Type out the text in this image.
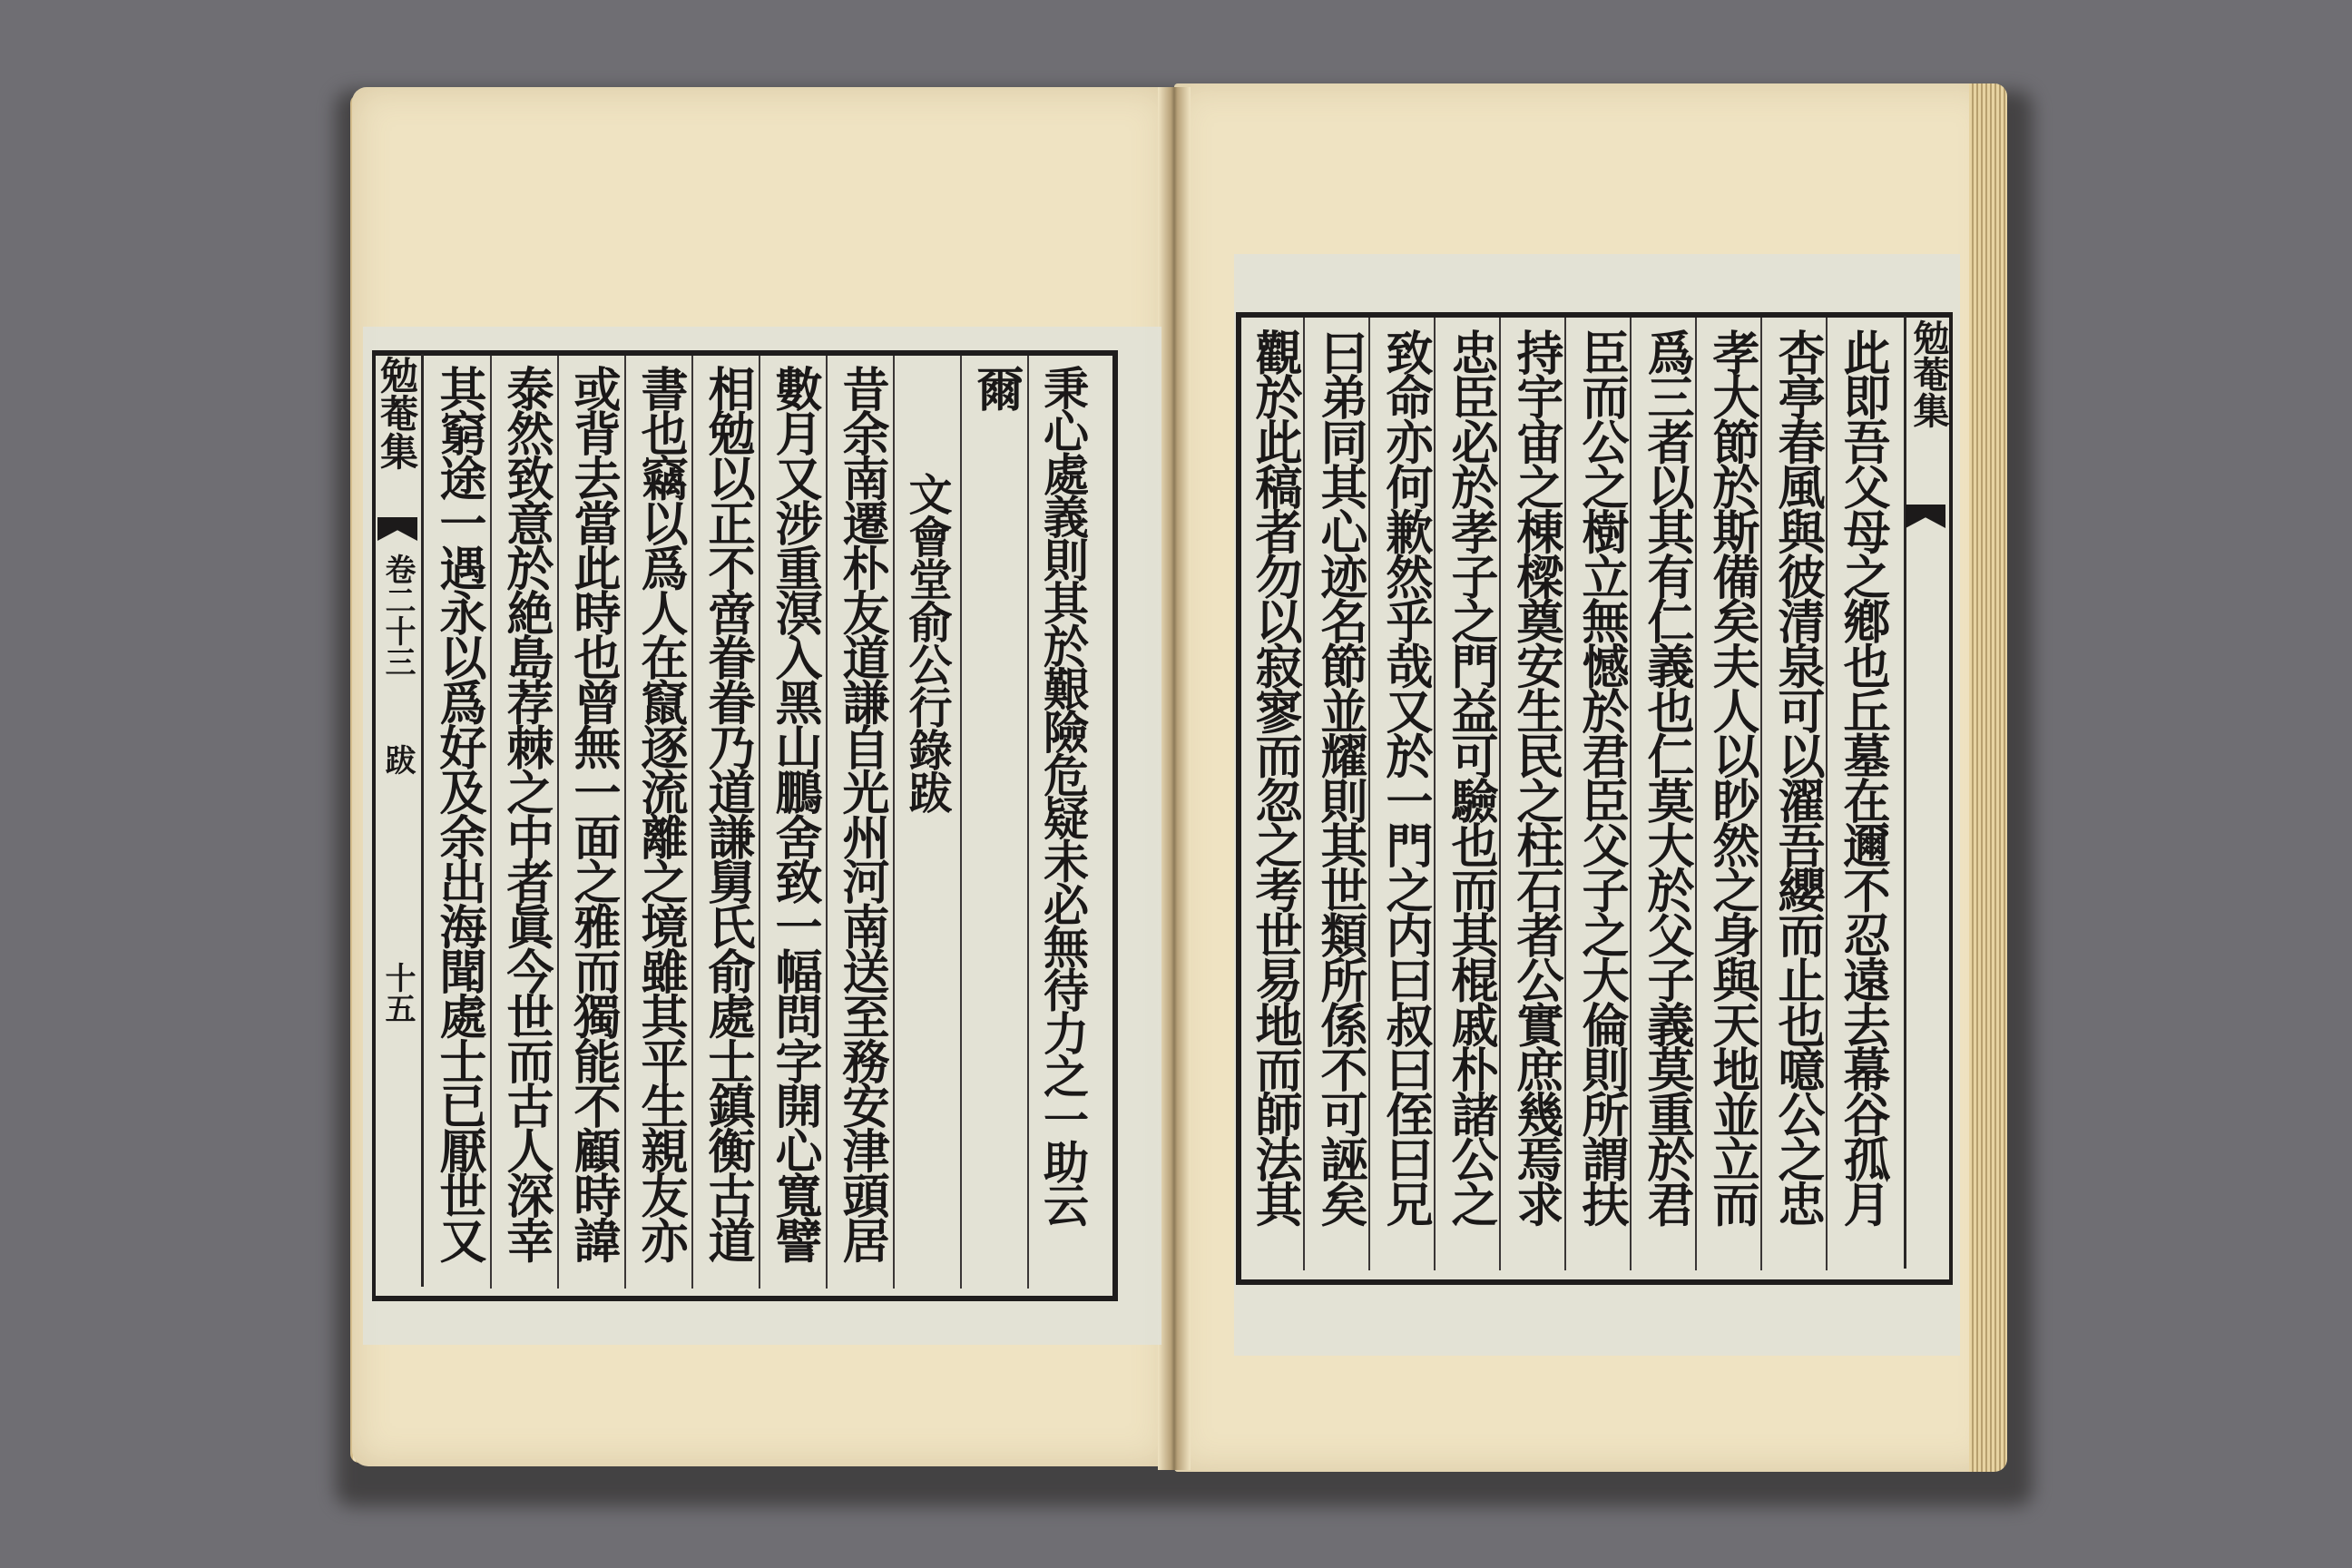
勉菴集
卷二十三
跋
十五 其窮途一遇永以爲好及余出海聞處士已厭世又 泰然致意於絶島荐棘之中者眞今世而古人深幸 或背去當此時也曾無一面之雅而獨能不顧時諱 書也竊以爲人在竄逐流離之境雖其平生親友亦 相勉以正不啻眷眷乃道謙舅氏俞處士鎮衡古道 數月又涉重溟入黑山鵬舍致一幅問字開心寬譬 昔余南遷朴友道謙自光州河南送至務安津頭居 文會堂俞公行錄跋
爾 秉心處義則其於艱險危疑未必無待力之一助云	勉菴集
觀於此稿者勿以寂寥而忽之考世易地而師法其 曰弟同其心迹名節並耀則其世類所係不可誣矣 致命亦何歉然乎哉又於一門之内曰叔曰侄曰兄 忠臣必於孝子之門益可驗也而其棍戚朴諸公之 持宇宙之棟樑奠安生民之柱石者公實庶幾焉求 臣而公之樹立無憾於君臣父子之大倫則所謂扶 爲三者以其有仁義也仁莫大於父子義莫重於君 孝大節於斯備矣夫人以眇然之身與天地並立而 杏亭春風與彼清泉可以濯吾纓而止也噫公之忠 此即吾父母之鄕也丘墓在邇不忍遠去幕谷孤月
